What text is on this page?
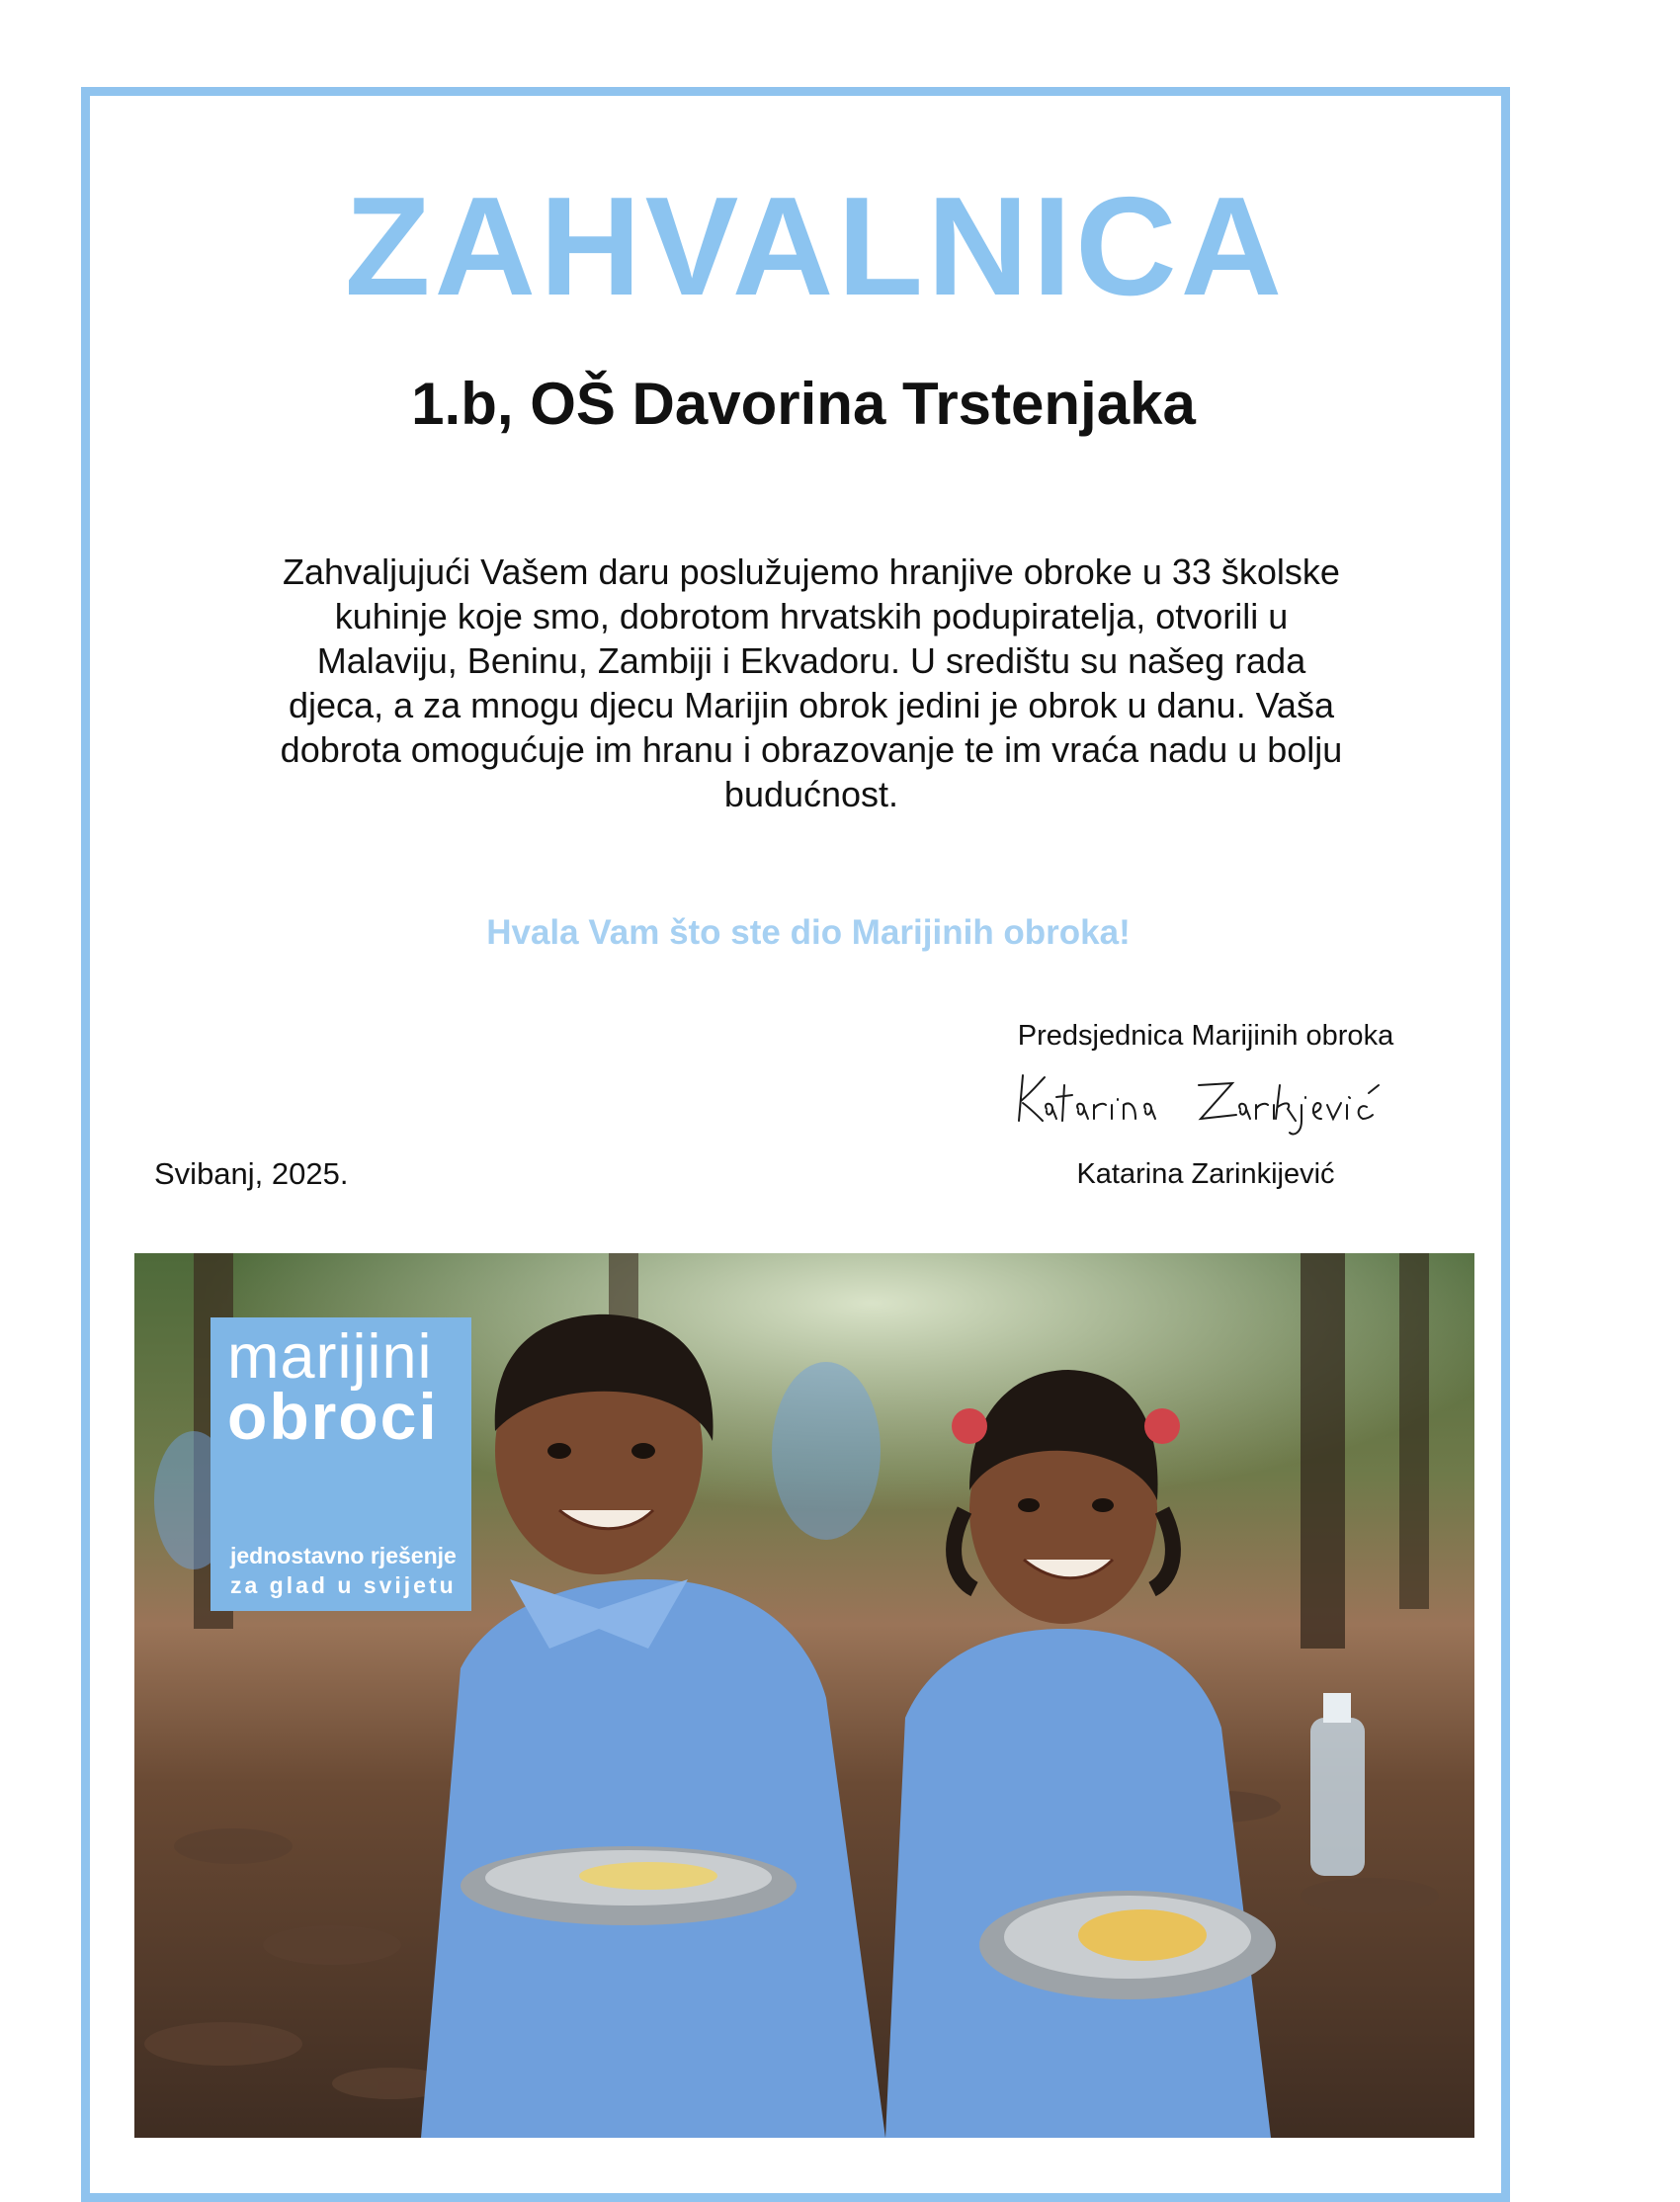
ZAHVALNICA
1.b, OŠ Davorina Trstenjaka
Zahvaljujući Vašem daru poslužujemo hranjive obroke u 33 školske
kuhinje koje smo, dobrotom hrvatskih podupiratelja, otvorili u
Malaviju, Beninu, Zambiji i Ekvadoru. U središtu su našeg rada
djeca, a za mnogu djecu Marijin obrok jedini je obrok u danu. Vaša
dobrota omogućuje im hranu i obrazovanje te im vraća nadu u bolju
budućnost.
Hvala Vam što ste dio Marijinih obroka!
Predsjednica Marijinih obroka
Katarina Zarinkijević
Svibanj, 2025.
marijini
obroci
jednostavno rješenje
za glad u svijetu
